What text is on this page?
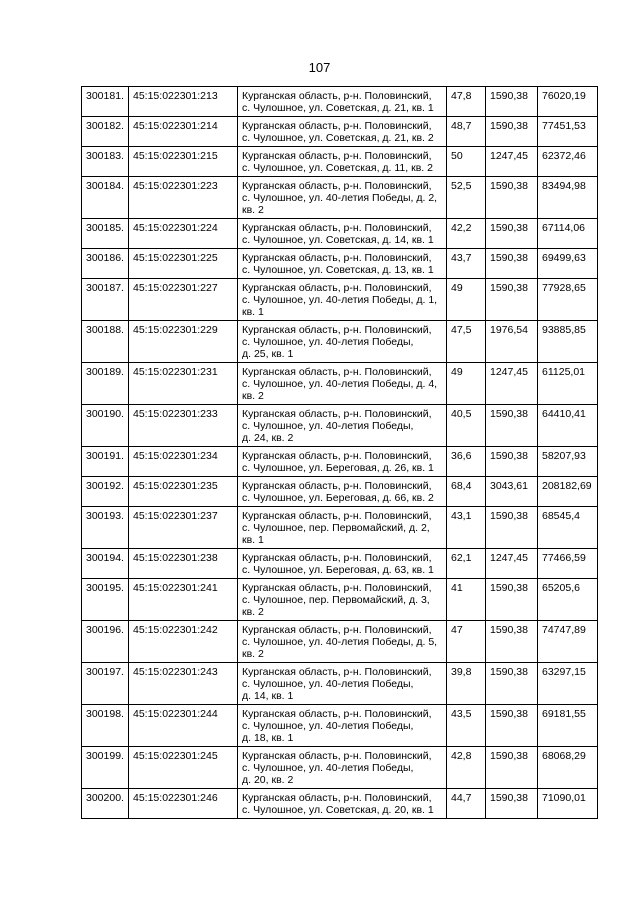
107
300181.	45:15:022301:213	Курганская область, р-н. Половинский,
с. Чулошное, ул. Советская, д. 21, кв. 1	47,8	1590,38	76020,19
300182.	45:15:022301:214	Курганская область, р-н. Половинский,
с. Чулошное, ул. Советская, д. 21, кв. 2	48,7	1590,38	77451,53
300183.	45:15:022301:215	Курганская область, р-н. Половинский,
с. Чулошное, ул. Советская, д. 11, кв. 2	50	1247,45	62372,46
300184.	45:15:022301:223	Курганская область, р-н. Половинский,
с. Чулошное, ул. 40-летия Победы, д. 2,
кв. 2	52,5	1590,38	83494,98
300185.	45:15:022301:224	Курганская область, р-н. Половинский,
с. Чулошное, ул. Советская, д. 14, кв. 1	42,2	1590,38	67114,06
300186.	45:15:022301:225	Курганская область, р-н. Половинский,
с. Чулошное, ул. Советская, д. 13, кв. 1	43,7	1590,38	69499,63
300187.	45:15:022301:227	Курганская область, р-н. Половинский,
с. Чулошное, ул. 40-летия Победы, д. 1,
кв. 1	49	1590,38	77928,65
300188.	45:15:022301:229	Курганская область, р-н. Половинский,
с. Чулошное, ул. 40-летия Победы,
д. 25, кв. 1	47,5	1976,54	93885,85
300189.	45:15:022301:231	Курганская область, р-н. Половинский,
с. Чулошное, ул. 40-летия Победы, д. 4,
кв. 2	49	1247,45	61125,01
300190.	45:15:022301:233	Курганская область, р-н. Половинский,
с. Чулошное, ул. 40-летия Победы,
д. 24, кв. 2	40,5	1590,38	64410,41
300191.	45:15:022301:234	Курганская область, р-н. Половинский,
с. Чулошное, ул. Береговая, д. 26, кв. 1	36,6	1590,38	58207,93
300192.	45:15:022301:235	Курганская область, р-н. Половинский,
с. Чулошное, ул. Береговая, д. 66, кв. 2	68,4	3043,61	208182,69
300193.	45:15:022301:237	Курганская область, р-н. Половинский,
с. Чулошное, пер. Первомайский, д. 2,
кв. 1	43,1	1590,38	68545,4
300194.	45:15:022301:238	Курганская область, р-н. Половинский,
с. Чулошное, ул. Береговая, д. 63, кв. 1	62,1	1247,45	77466,59
300195.	45:15:022301:241	Курганская область, р-н. Половинский,
с. Чулошное, пер. Первомайский, д. 3,
кв. 2	41	1590,38	65205,6
300196.	45:15:022301:242	Курганская область, р-н. Половинский,
с. Чулошное, ул. 40-летия Победы, д. 5,
кв. 2	47	1590,38	74747,89
300197.	45:15:022301:243	Курганская область, р-н. Половинский,
с. Чулошное, ул. 40-летия Победы,
д. 14, кв. 1	39,8	1590,38	63297,15
300198.	45:15:022301:244	Курганская область, р-н. Половинский,
с. Чулошное, ул. 40-летия Победы,
д. 18, кв. 1	43,5	1590,38	69181,55
300199.	45:15:022301:245	Курганская область, р-н. Половинский,
с. Чулошное, ул. 40-летия Победы,
д. 20, кв. 2	42,8	1590,38	68068,29
300200.	45:15:022301:246	Курганская область, р-н. Половинский,
с. Чулошное, ул. Советская, д. 20, кв. 1	44,7	1590,38	71090,01
